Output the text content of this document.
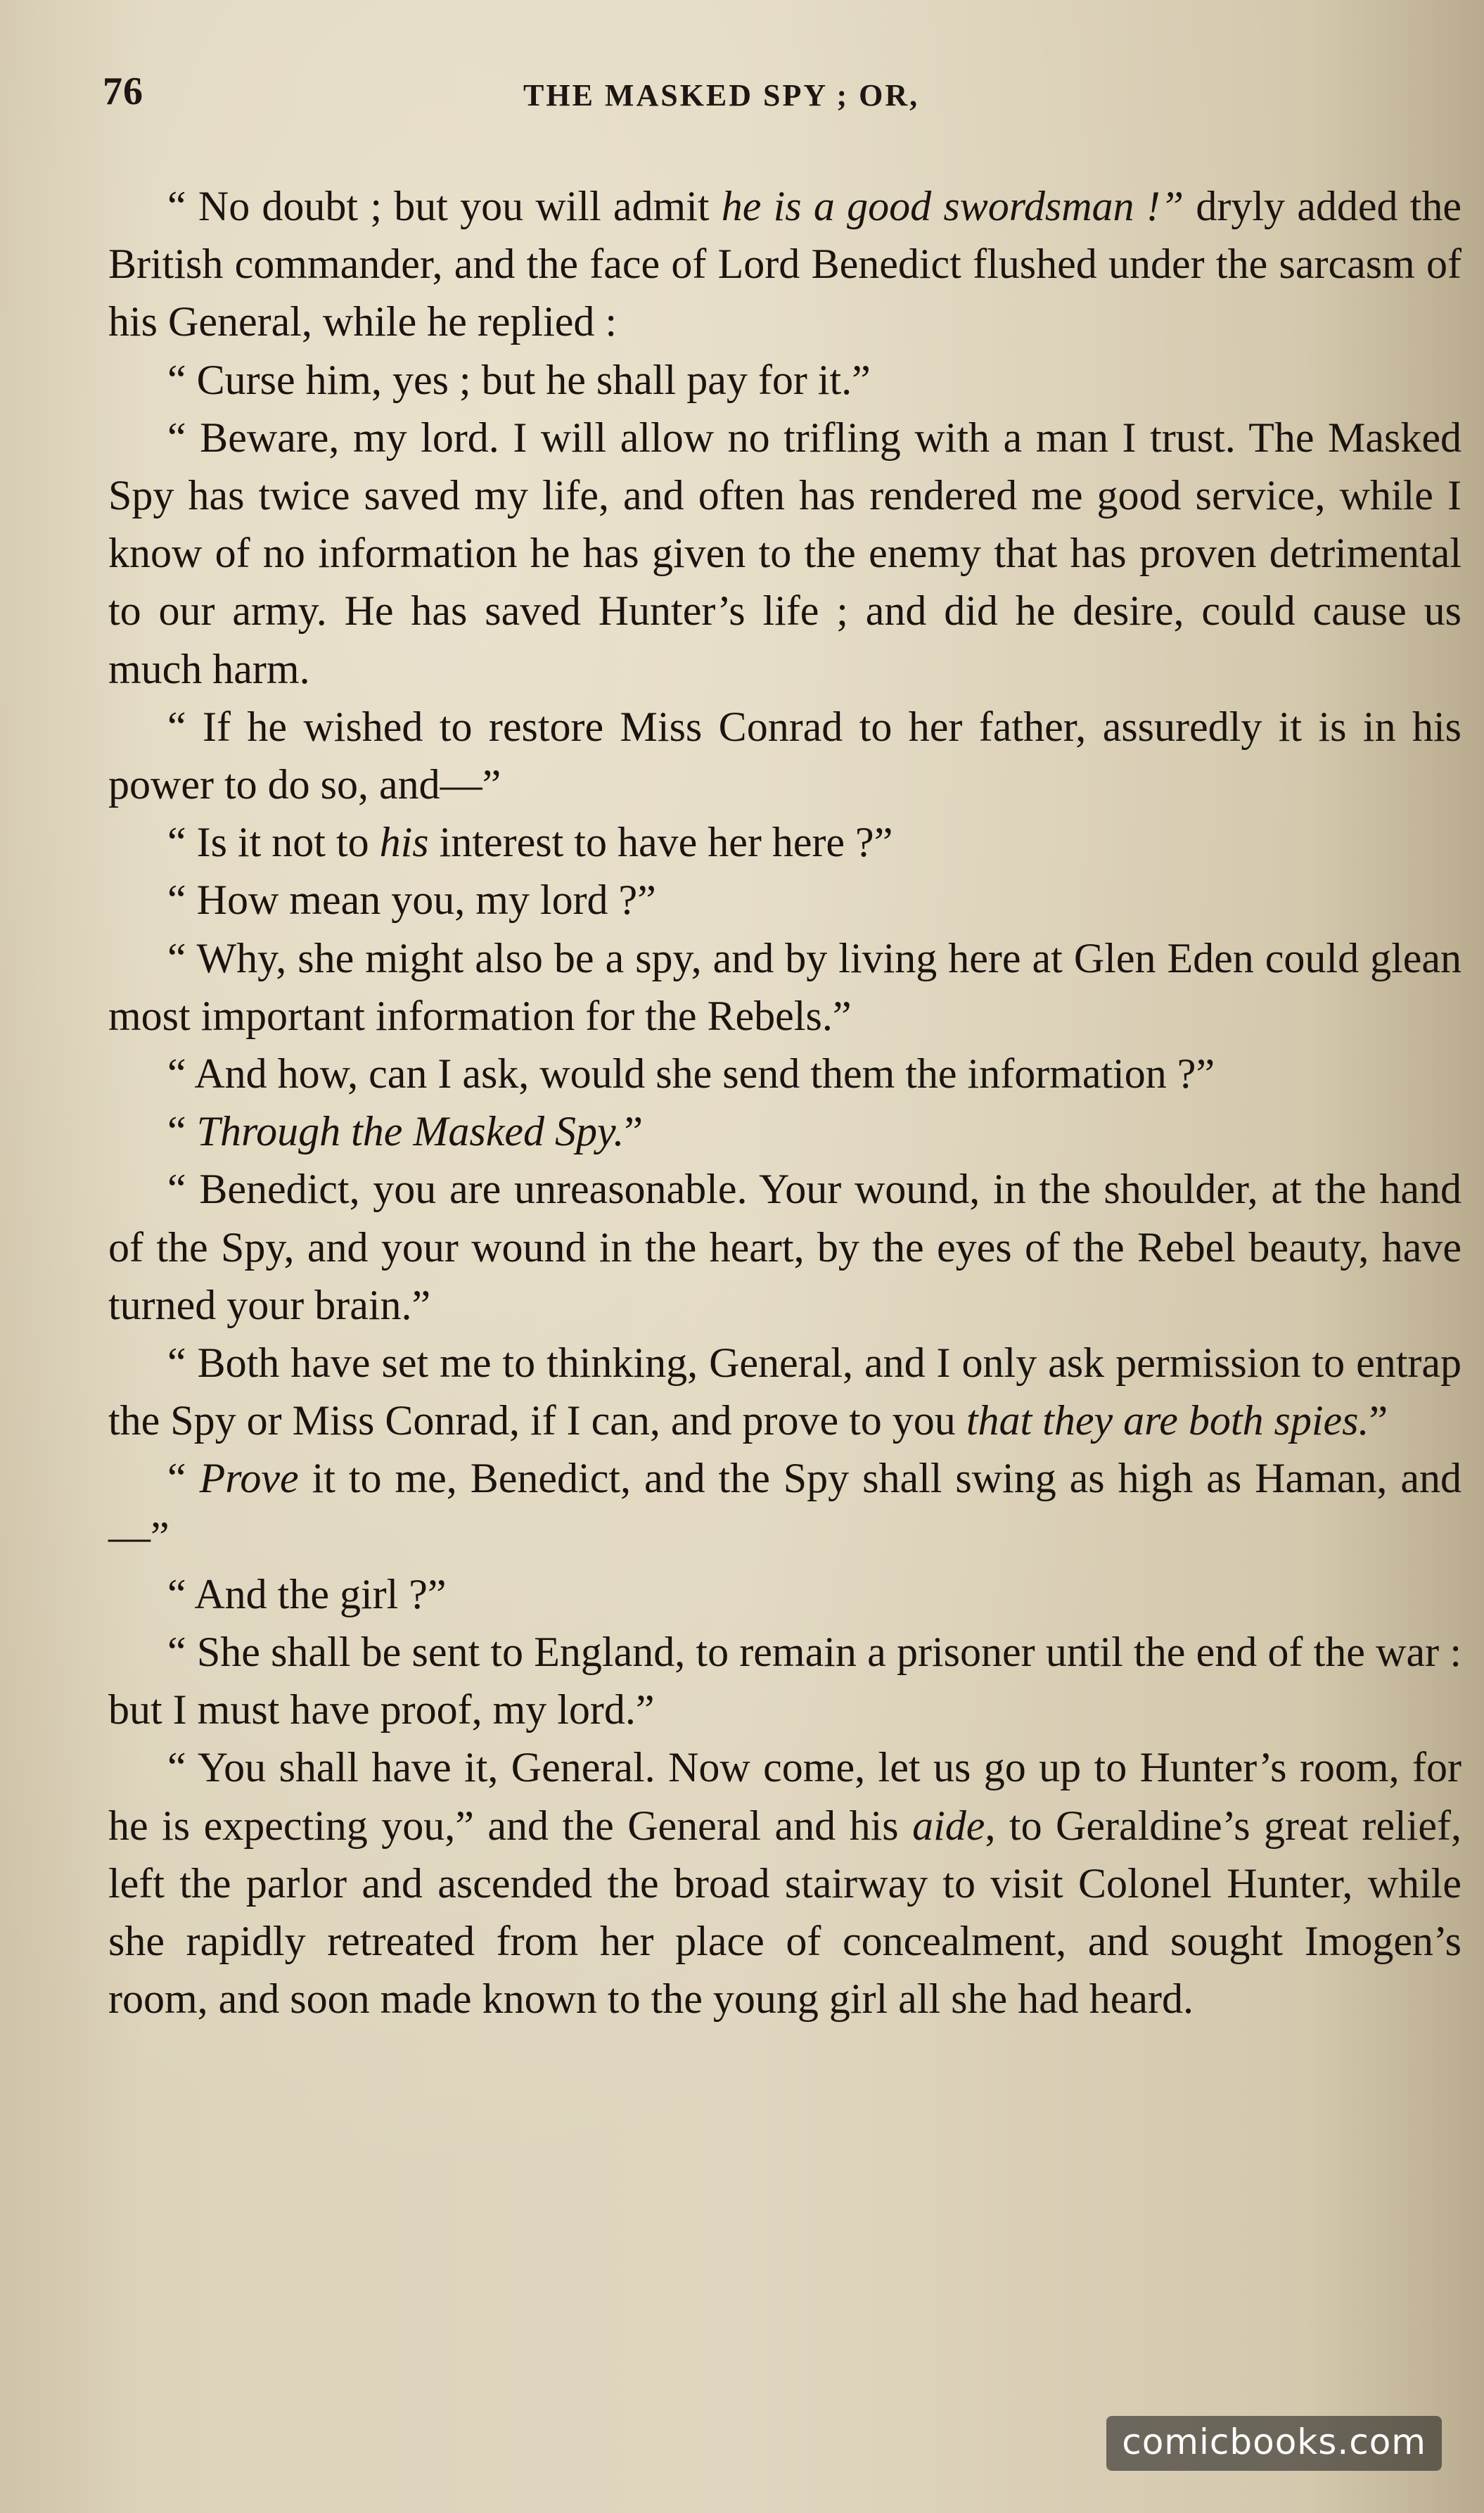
76	THE MASKED SPY ; OR,

“ No doubt ; but you will admit he is a good swordsman !” dryly added the British commander, and the face of Lord Benedict flushed under the sarcasm of his General, while he replied :

“ Curse him, yes ; but he shall pay for it.”

“ Beware, my lord. I will allow no trifling with a man I trust. The Masked Spy has twice saved my life, and often has rendered me good service, while I know of no information he has given to the enemy that has proven detrimental to our army. He has saved Hunter’s life ; and did he desire, could cause us much harm.

“ If he wished to restore Miss Conrad to her father, assuredly it is in his power to do so, and—”

“ Is it not to his interest to have her here ?”

“ How mean you, my lord ?”

“ Why, she might also be a spy, and by living here at Glen Eden could glean most important information for the Rebels.”

“ And how, can I ask, would she send them the information ?”

“ Through the Masked Spy.”

“ Benedict, you are unreasonable. Your wound, in the shoulder, at the hand of the Spy, and your wound in the heart, by the eyes of the Rebel beauty, have turned your brain.”

“ Both have set me to thinking, General, and I only ask permission to entrap the Spy or Miss Conrad, if I can, and prove to you that they are both spies.”

“ Prove it to me, Benedict, and the Spy shall swing as high as Haman, and—”

“ And the girl ?”

“ She shall be sent to England, to remain a prisoner until the end of the war : but I must have proof, my lord.”

“ You shall have it, General. Now come, let us go up to Hunter’s room, for he is expecting you,” and the General and his aide, to Geraldine’s great relief, left the parlor and ascended the broad stairway to visit Colonel Hunter, while she rapidly retreated from her place of concealment, and sought Imogen’s room, and soon made known to the young girl all she had heard.

comicbooks.com
